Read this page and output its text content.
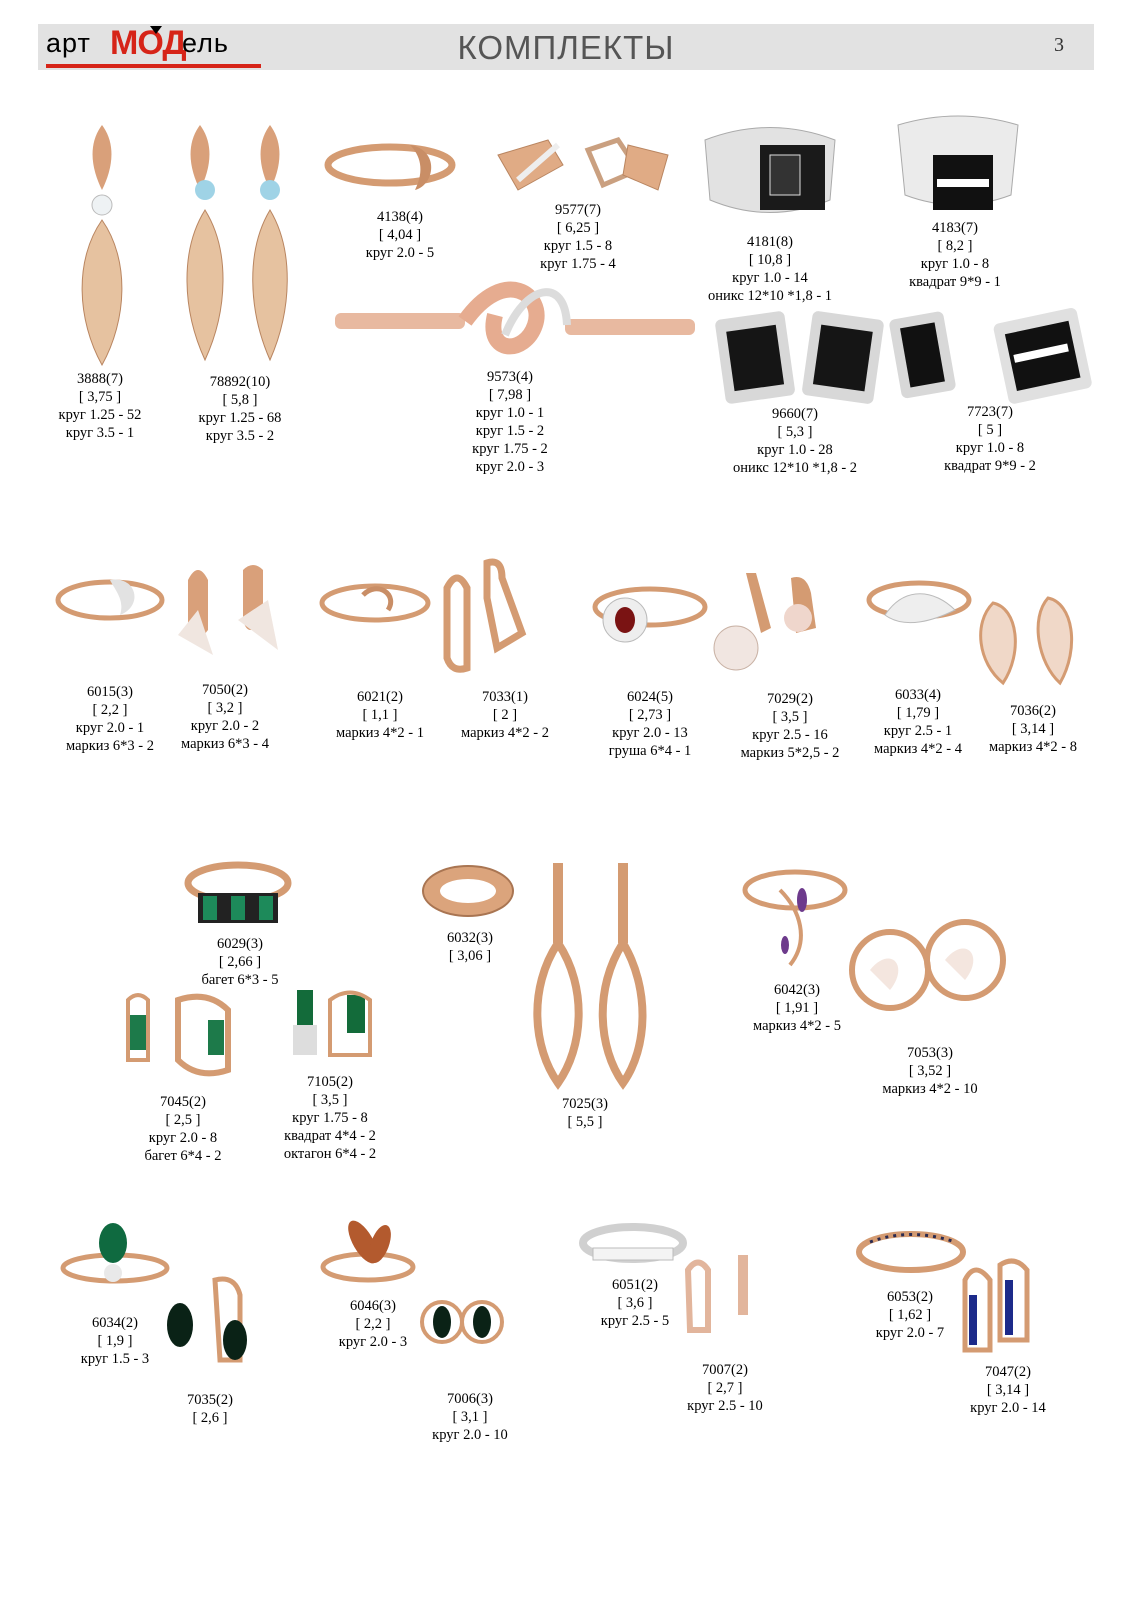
арт МОД
ель	КОМПЛЕКТЫ	3
3888(7)
[ 3,75 ]
круг 1.25 - 52
круг 3.5 - 1
78892(10)
[ 5,8 ]
круг 1.25 - 68
круг 3.5 - 2
4138(4)
[ 4,04 ]
круг 2.0 - 5
9577(7)
[ 6,25 ]
круг 1.5 - 8
круг 1.75 - 4
9573(4)
[ 7,98 ]
круг 1.0 - 1
круг 1.5 - 2
круг 1.75 - 2
круг 2.0 - 3
4181(8)
[ 10,8 ]
круг 1.0 - 14
оникс 12*10 *1,8 - 1
4183(7)
[ 8,2 ]
круг 1.0 - 8
квадрат 9*9 - 1
9660(7)
[ 5,3 ]
круг 1.0 - 28
оникс 12*10 *1,8 - 2
7723(7)
[ 5 ]
круг 1.0 - 8
квадрат 9*9 - 2
6015(3)
[ 2,2 ]
круг 2.0 - 1
маркиз 6*3 - 2
7050(2)
[ 3,2 ]
круг 2.0 - 2
маркиз 6*3 - 4
6021(2)
[ 1,1 ]
маркиз 4*2 - 1
7033(1)
[ 2 ]
маркиз 4*2 - 2
6024(5)
[ 2,73 ]
круг 2.0 - 13
груша 6*4 - 1
7029(2)
[ 3,5 ]
круг 2.5 - 16
маркиз 5*2,5 - 2
6033(4)
[ 1,79 ]
круг 2.5 - 1
маркиз 4*2 - 4
7036(2)
[ 3,14 ]
маркиз 4*2 - 8
6029(3)
[ 2,66 ]
багет 6*3 - 5
6032(3)
[ 3,06 ]
7045(2)
[ 2,5 ]
круг 2.0 - 8
багет 6*4 - 2
7105(2)
[ 3,5 ]
круг 1.75 - 8
квадрат 4*4 - 2
октагон 6*4 - 2
7025(3)
[ 5,5 ]
6042(3)
[ 1,91 ]
маркиз 4*2 - 5
7053(3)
[ 3,52 ]
маркиз 4*2 - 10
6034(2)
[ 1,9 ]
круг 1.5 - 3
7035(2)
[ 2,6 ]
6046(3)
[ 2,2 ]
круг 2.0 - 3
7006(3)
[ 3,1 ]
круг 2.0 - 10
6051(2)
[ 3,6 ]
круг 2.5 - 5
7007(2)
[ 2,7 ]
круг 2.5 - 10
6053(2)
[ 1,62 ]
круг 2.0 - 7
7047(2)
[ 3,14 ]
круг 2.0 - 14
